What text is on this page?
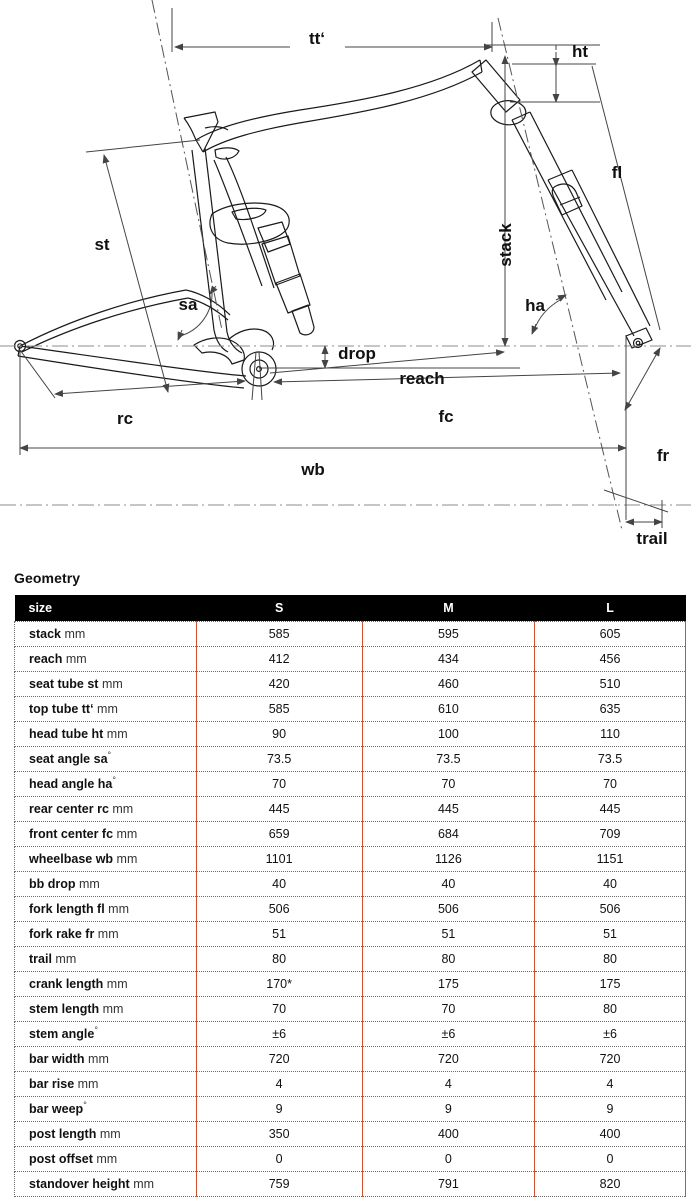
tt‘
ht
fl
st
sa
stack
ha
drop
reach
rc	fc
fr
wb
trail
Geometry
size	S	M	L
stack mm	585	595	605
reach mm	412	434	456
seat tube st mm	420	460	510
top tube tt‘ mm	585	610	635
head tube ht mm	90	100	110
seat angle sa°	73.5	73.5	73.5
head angle ha°	70	70	70
rear center rc mm	445	445	445
front center fc mm	659	684	709
wheelbase wb mm	1101	1126	1151
bb drop mm	40	40	40
fork length fl mm	506	506	506
fork rake fr mm	51	51	51
trail mm	80	80	80
crank length mm	170*	175	175
stem length mm	70	70	80
stem angle°	±6	±6	±6
bar width mm	720	720	720
bar rise mm	4	4	4
bar weep°	9	9	9
post length mm	350	400	400
post offset mm	0	0	0
standover height mm	759	791	820
